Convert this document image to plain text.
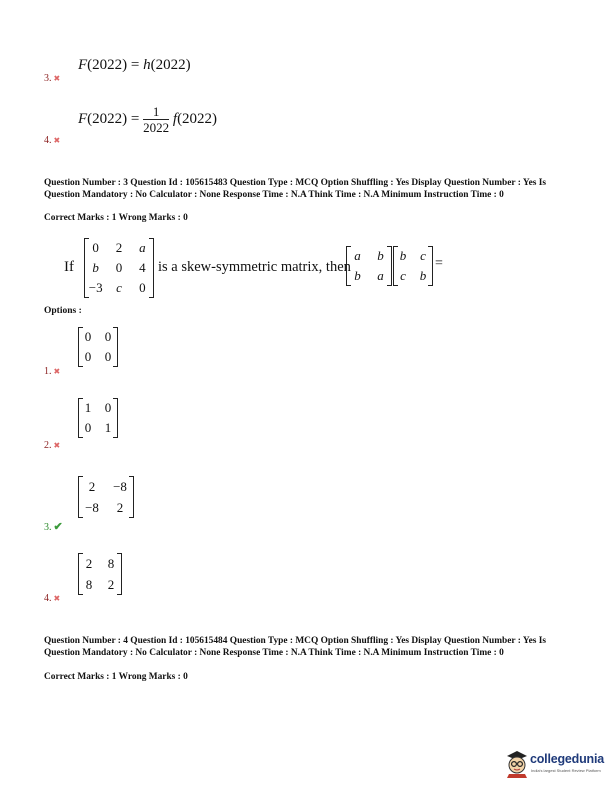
F(2022) = h(2022)
3. ✖
$F(2022) = \frac{1}{2022} f(2022)$
4. ✖
Question Number : 3 Question Id : 105615483 Question Type : MCQ Option Shuffling : Yes Display Question Number : Yes Is Question Mandatory : No Calculator : None Response Time : N.A Think Time : N.A Minimum Instruction Time : 0
Correct Marks : 1 Wrong Marks : 0
If
0	2	a
b	0	4
−3	c	0
is a skew-symmetric matrix, then
a	b
b	a
b	c
c	b
=
Options :
0	0
0	0
1. ✖
1	0
0	1
2. ✖
2	−8
−8	2
3. ✔
2	8
8	2
4. ✖
Question Number : 4 Question Id : 105615484 Question Type : MCQ Option Shuffling : Yes Display Question Number : Yes Is Question Mandatory : No Calculator : None Response Time : N.A Think Time : N.A Minimum Instruction Time : 0
Correct Marks : 1 Wrong Marks : 0
collegedunia
India's largest Student Review Platform
